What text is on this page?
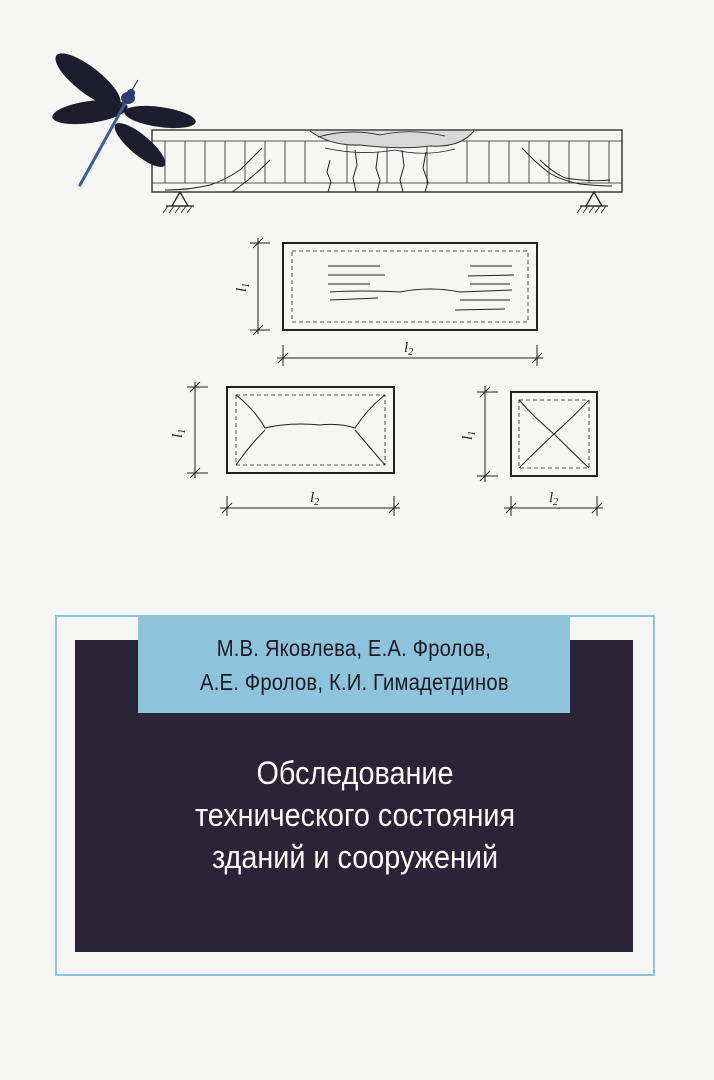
$l_1$
$l_2$
$l_1$
$l_2$
$l_1$
$l_2$
М.В. Яковлева, Е.А. Фролов,
А.Е. Фролов, К.И. Гимадетдинов
Обследование
технического состояния
зданий и сооружений
